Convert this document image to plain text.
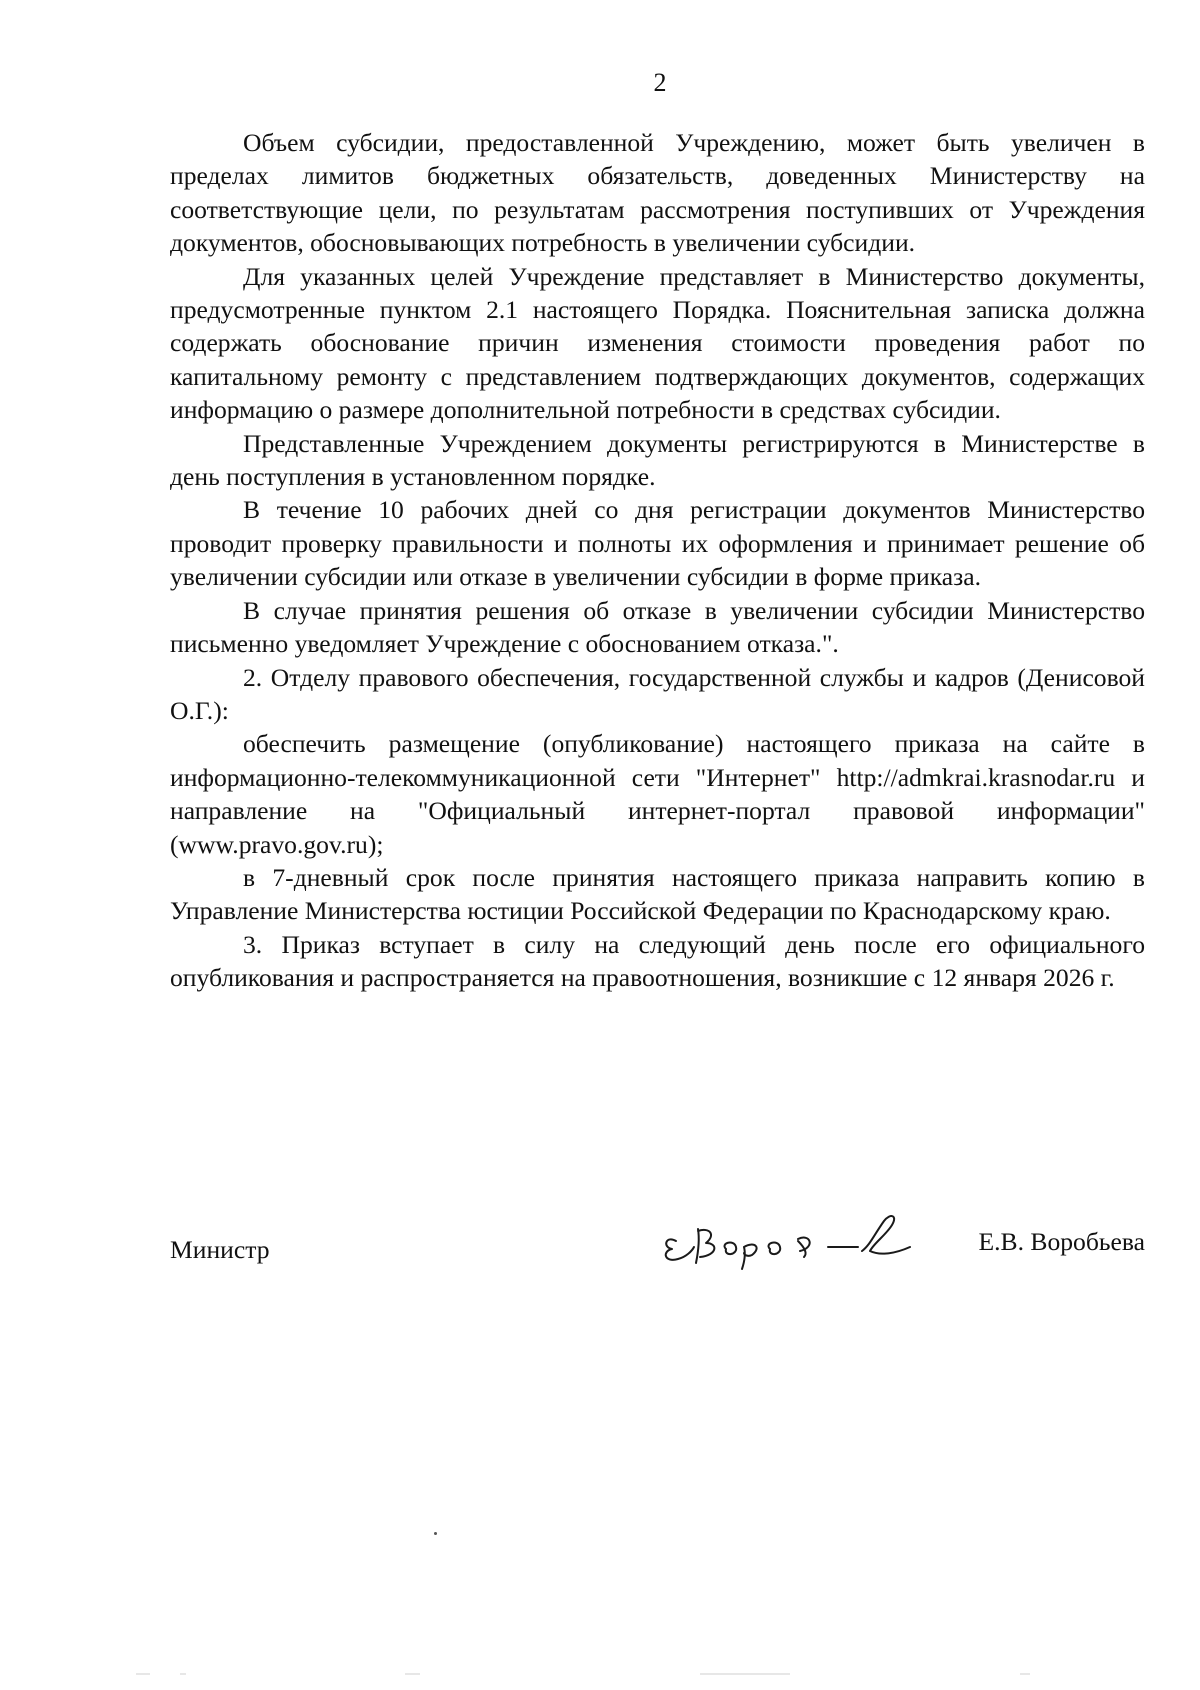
2

Объем субсидии, предоставленной Учреждению, может быть увеличен в пределах лимитов бюджетных обязательств, доведенных Министерству на соответствующие цели, по результатам рассмотрения поступивших от Учреждения документов, обосновывающих потребность в увеличении субсидии.

Для указанных целей Учреждение представляет в Министерство документы, предусмотренные пунктом 2.1 настоящего Порядка. Пояснительная записка должна содержать обоснование причин изменения стоимости проведения работ по капитальному ремонту с представлением подтверждающих документов, содержащих информацию о размере дополнительной потребности в средствах субсидии.

Представленные Учреждением документы регистрируются в Министерстве в день поступления в установленном порядке.

В течение 10 рабочих дней со дня регистрации документов Министерство проводит проверку правильности и полноты их оформления и принимает решение об увеличении субсидии или отказе в увеличении субсидии в форме приказа.

В случае принятия решения об отказе в увеличении субсидии Министерство письменно уведомляет Учреждение с обоснованием отказа.".

2. Отделу правового обеспечения, государственной службы и кадров (Денисовой О.Г.):

обеспечить размещение (опубликование) настоящего приказа на сайте в информационно-телекоммуникационной сети "Интернет" http://admkrai.krasnodar.ru и направление на "Официальный интернет-портал правовой информации" (www.pravo.gov.ru);

в 7-дневный срок после принятия настоящего приказа направить копию в Управление Министерства юстиции Российской Федерации по Краснодарскому краю.

3. Приказ вступает в силу на следующий день после его официального опубликования и распространяется на правоотношения, возникшие с 12 января 2026 г.

Министр	Е.В. Воробьева
